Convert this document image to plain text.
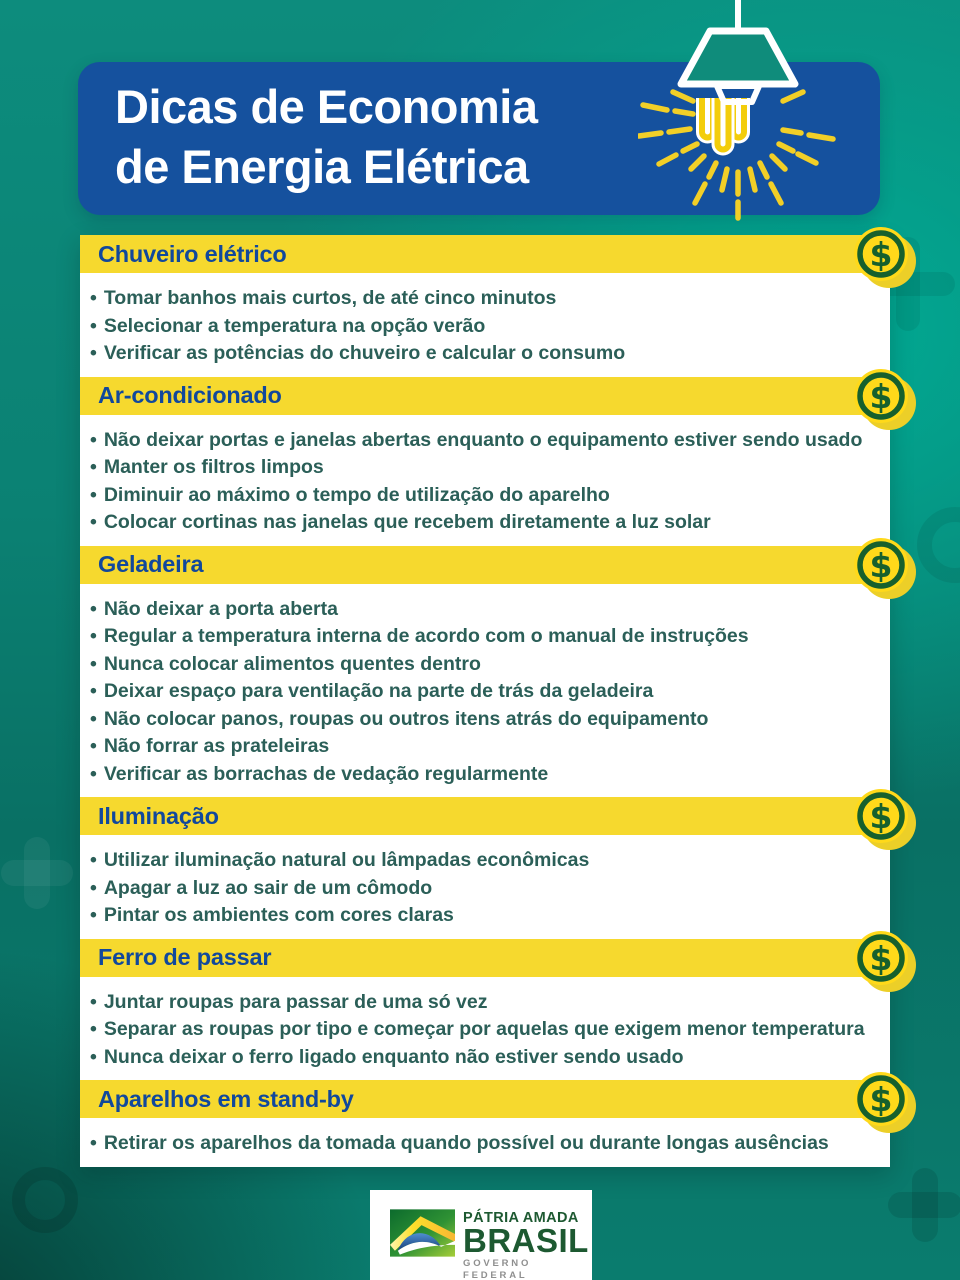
Dicas de Economia
de Energia Elétrica
Chuveiro elétrico	$
• Tomar banhos mais curtos, de até cinco minutos
• Selecionar a temperatura na opção verão
• Verificar as potências do chuveiro e calcular o consumo
Ar-condicionado	$
• Não deixar portas e janelas abertas enquanto o equipamento estiver sendo usado
• Manter os filtros limpos
• Diminuir ao máximo o tempo de utilização do aparelho
• Colocar cortinas nas janelas que recebem diretamente a luz solar
Geladeira	$
• Não deixar a porta aberta
• Regular a temperatura interna de acordo com o manual de instruções
• Nunca colocar alimentos quentes dentro
• Deixar espaço para ventilação na parte de trás da geladeira
• Não colocar panos, roupas ou outros itens atrás do equipamento
• Não forrar as prateleiras
• Verificar as borrachas de vedação regularmente
Iluminação	$
• Utilizar iluminação natural ou lâmpadas econômicas
• Apagar a luz ao sair de um cômodo
• Pintar os ambientes com cores claras
Ferro de passar	$
• Juntar roupas para passar de uma só vez
• Separar as roupas por tipo e começar por aquelas que exigem menor temperatura
• Nunca deixar o ferro ligado enquanto não estiver sendo usado
Aparelhos em stand-by	$
• Retirar os aparelhos da tomada quando possível ou durante longas ausências
PÁTRIA AMADA
BRASIL
GOVERNO FEDERAL
